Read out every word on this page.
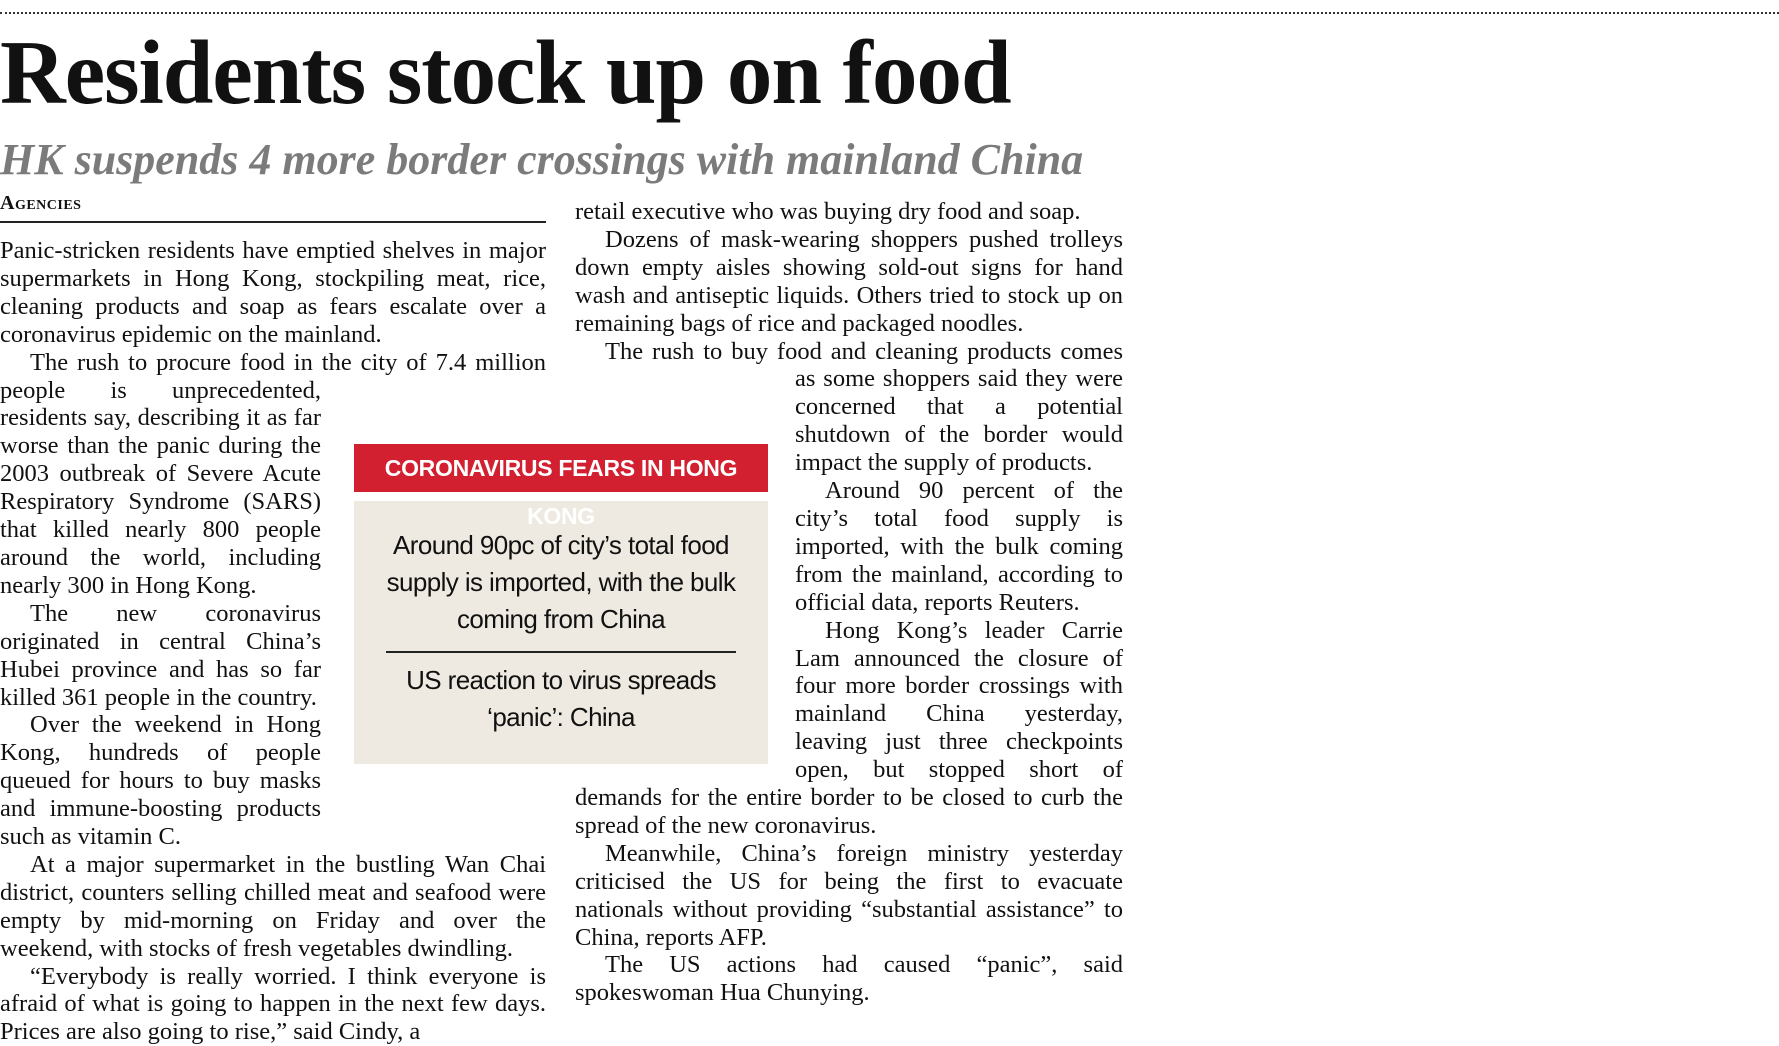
Residents stock up on food
HK suspends 4 more border crossings with mainland China
Agencies

Panic-stricken residents have emptied shelves in major supermarkets in Hong Kong, stockpiling meat, rice, cleaning products and soap as fears escalate over a coronavirus epidemic on the mainland.

The rush to procure food in the city of 7.4 million people is unprecedented, residents say, describing it as far worse than the panic during the 2003 outbreak of Severe Acute Respiratory Syndrome (SARS) that killed nearly 800 people around the world, including nearly 300 in Hong Kong.

The new coronavirus originated in central China’s Hubei province and has so far killed 361 people in the country.

Over the weekend in Hong Kong, hundreds of people queued for hours to buy masks and immune-boosting products such as vitamin C.

At a major supermarket in the bustling Wan Chai district, counters selling chilled meat and seafood were empty by mid-morning on Friday and over the weekend, with stocks of fresh vegetables dwindling.

“Everybody is really worried. I think everyone is afraid of what is going to happen in the next few days. Prices are also going to rise,” said Cindy, a

retail executive who was buying dry food and soap.

Dozens of mask-wearing shoppers pushed trolleys down empty aisles showing sold-out signs for hand wash and antiseptic liquids. Others tried to stock up on remaining bags of rice and packaged noodles.

The rush to buy food and cleaning products comes as some shoppers said they were concerned that a potential shutdown of the border would impact the supply of products.

Around 90 percent of the city’s total food supply is imported, with the bulk coming from the mainland, according to official data, reports Reuters.

Hong Kong’s leader Carrie Lam announced the closure of four more border crossings with mainland China yesterday, leaving just three checkpoints open, but stopped short of demands for the entire border to be closed to curb the spread of the new coronavirus.

Meanwhile, China’s foreign ministry yesterday criticised the US for being the first to evacuate nationals without providing “substantial assistance” to China, reports AFP.

The US actions had caused “panic”, said spokeswoman Hua Chunying.

CORONAVIRUS FEARS IN HONG KONG
Around 90pc of city’s total food supply is imported, with the bulk coming from China
US reaction to virus spreads ‘panic’: China
